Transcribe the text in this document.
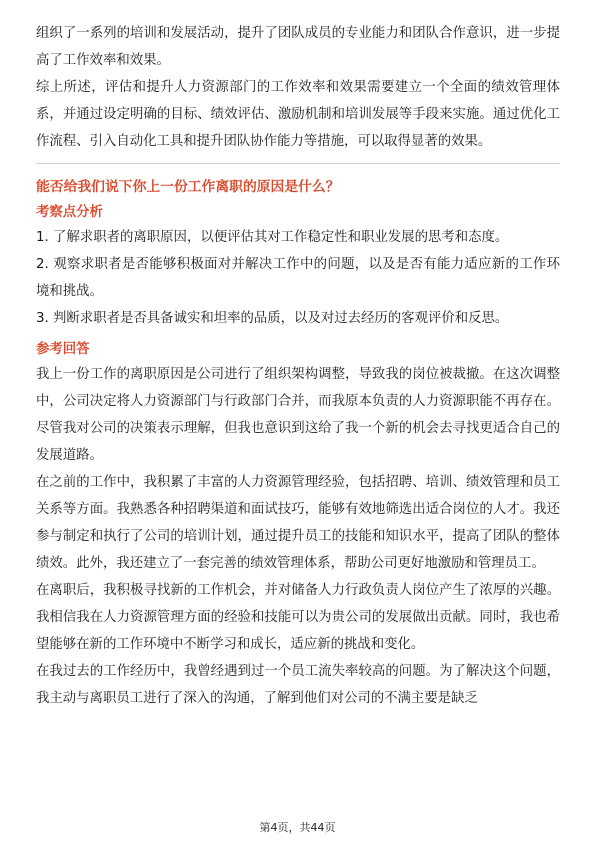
组织了一系列的培训和发展活动，提升了团队成员的专业能力和团队合作意识，进一步提高了工作效率和效果。

综上所述，评估和提升人力资源部门的工作效率和效果需要建立一个全面的绩效管理体系，并通过设定明确的目标、绩效评估、激励机制和培训发展等手段来实施。通过优化工作流程、引入自动化工具和提升团队协作能力等措施，可以取得显著的效果。

能否给我们说下你上一份工作离职的原因是什么？

考察点分析

1. 了解求职者的离职原因，以便评估其对工作稳定性和职业发展的思考和态度。

2. 观察求职者是否能够积极面对并解决工作中的问题，以及是否有能力适应新的工作环境和挑战。

3. 判断求职者是否具备诚实和坦率的品质，以及对过去经历的客观评价和反思。

参考回答

我上一份工作的离职原因是公司进行了组织架构调整，导致我的岗位被裁撤。在这次调整中，公司决定将人力资源部门与行政部门合并，而我原本负责的人力资源职能不再存在。尽管我对公司的决策表示理解，但我也意识到这给了我一个新的机会去寻找更适合自己的发展道路。

在之前的工作中，我积累了丰富的人力资源管理经验，包括招聘、培训、绩效管理和员工关系等方面。我熟悉各种招聘渠道和面试技巧，能够有效地筛选出适合岗位的人才。我还参与制定和执行了公司的培训计划，通过提升员工的技能和知识水平，提高了团队的整体绩效。此外，我还建立了一套完善的绩效管理体系，帮助公司更好地激励和管理员工。

在离职后，我积极寻找新的工作机会，并对储备人力行政负责人岗位产生了浓厚的兴趣。我相信我在人力资源管理方面的经验和技能可以为贵公司的发展做出贡献。同时，我也希望能够在新的工作环境中不断学习和成长，适应新的挑战和变化。

在我过去的工作经历中，我曾经遇到过一个员工流失率较高的问题。为了解决这个问题，我主动与离职员工进行了深入的沟通，了解到他们对公司的不满主要是缺乏

第4页，共44页
